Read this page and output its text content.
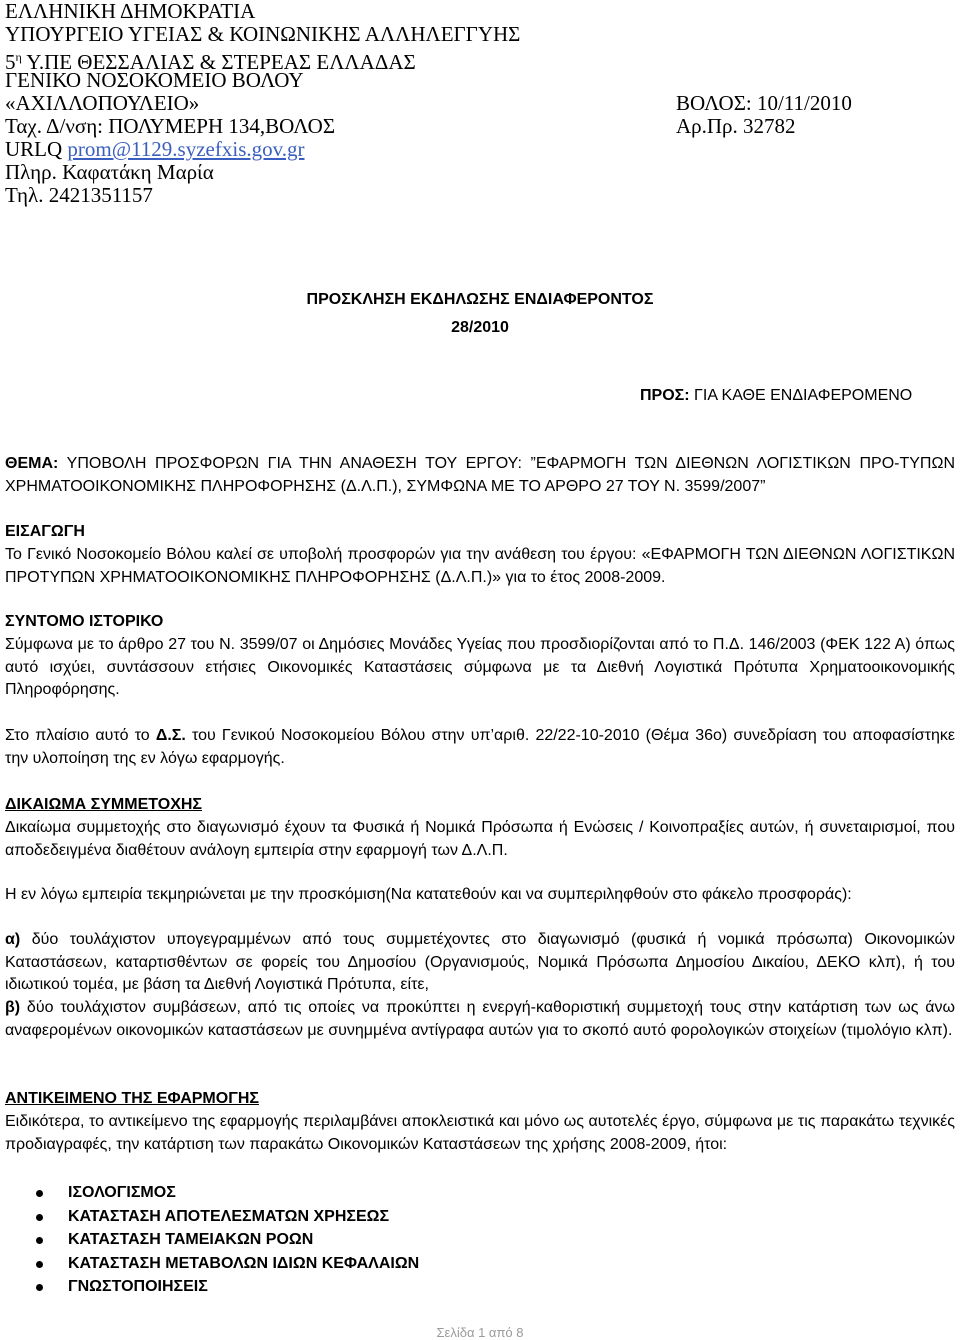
ΕΛΛΗΝΙΚΗ ΔΗΜΟΚΡΑΤΙΑ
ΥΠΟΥΡΓΕΙΟ ΥΓΕΙΑΣ & ΚΟΙΝΩΝΙΚΗΣ ΑΛΛΗΛΕΓΓΥΗΣ
$5^\eta$ Υ.ΠΕ ΘΕΣΣΑΛΙΑΣ & ΣΤΕΡΕΑΣ ΕΛΛΑΔΑΣ
ΓΕΝΙΚΟ ΝΟΣΟΚΟΜΕΙΟ ΒΟΛΟΥ
«ΑΧΙΛΛΟΠΟΥΛΕΙΟ»
Ταχ. Δ/νση: ΠΟΛΥΜΕΡΗ 134,ΒΟΛΟΣ
URLQ prom@1129.syzefxis.gov.gr
Πληρ. Καφατάκη Μαρία
Τηλ. 2421351157
ΒΟΛΟΣ: 10/11/2010
Αρ.Πρ. 32782
ΠΡΟΣΚΛΗΣΗ ΕΚΔΗΛΩΣΗΣ ΕΝΔΙΑΦΕΡΟΝΤΟΣ
28/2010
ΠΡΟΣ: ΓΙΑ ΚΑΘΕ ΕΝΔΙΑΦΕΡΟΜΕΝΟ
ΘΕΜΑ: ΥΠΟΒΟΛΗ ΠΡΟΣΦΟΡΩΝ ΓΙΑ ΤΗΝ ΑΝΑΘΕΣΗ ΤΟΥ ΕΡΓΟΥ: ”ΕΦΑΡΜΟΓΗ ΤΩΝ ΔΙΕΘΝΩΝ ΛΟΓΙΣΤΙΚΩΝ ΠΡΟ-ΤΥΠΩΝ ΧΡΗΜΑΤΟΟΙΚΟΝΟΜΙΚΗΣ ΠΛΗΡΟΦΟΡΗΣΗΣ (Δ.Λ.Π.), ΣΥΜΦΩΝΑ ΜΕ ΤΟ ΑΡΘΡΟ 27 ΤΟΥ Ν. 3599/2007”
ΕΙΣΑΓΩΓΗ
Το Γενικό Νοσοκομείο Βόλου καλεί σε υποβολή προσφορών για την ανάθεση του έργου: «ΕΦΑΡΜΟΓΗ ΤΩΝ ΔΙΕΘΝΩΝ ΛΟΓΙΣΤΙΚΩΝ ΠΡΟΤΥΠΩΝ ΧΡΗΜΑΤΟΟΙΚΟΝΟΜΙΚΗΣ ΠΛΗΡΟΦΟΡΗΣΗΣ (Δ.Λ.Π.)» για το έτος 2008-2009.
ΣΥΝΤΟΜΟ ΙΣΤΟΡΙΚΟ
Σύμφωνα με το άρθρο 27 του Ν. 3599/07 οι Δημόσιες Μονάδες Υγείας που προσδιορίζονται από το Π.Δ. 146/2003 (ΦΕΚ 122 Α) όπως αυτό ισχύει, συντάσσουν ετήσιες Οικονομικές Καταστάσεις σύμφωνα με τα Διεθνή Λογιστικά Πρότυπα Χρηματοοικονομικής Πληροφόρησης.
Στο πλαίσιο αυτό το Δ.Σ. του Γενικού Νοσοκομείου Βόλου στην υπ’αριθ. 22/22-10-2010 (Θέμα 36ο) συνεδρίαση του αποφασίστηκε την υλοποίηση της εν λόγω εφαρμογής.
ΔΙΚΑΙΩΜΑ ΣΥΜΜΕΤΟΧΗΣ
Δικαίωμα συμμετοχής στο διαγωνισμό έχουν τα Φυσικά ή Νομικά Πρόσωπα ή Ενώσεις / Κοινοπραξίες αυτών, ή συνεταιρισμοί, που αποδεδειγμένα διαθέτουν ανάλογη εμπειρία στην εφαρμογή των Δ.Λ.Π.
Η εν λόγω εμπειρία τεκμηριώνεται με την προσκόμιση(Να κατατεθούν και να συμπεριληφθούν στο φάκελο προσφοράς):
α) δύο τουλάχιστον υπογεγραμμένων από τους συμμετέχοντες στο διαγωνισμό (φυσικά ή νομικά πρόσωπα) Οικονομικών Καταστάσεων, καταρτισθέντων σε φορείς του Δημοσίου (Οργανισμούς, Νομικά Πρόσωπα Δημοσίου Δικαίου, ΔΕΚΟ κλπ), ή του ιδιωτικού τομέα, με βάση τα Διεθνή Λογιστικά Πρότυπα, είτε,
β) δύο τουλάχιστον συμβάσεων, από τις οποίες να προκύπτει η ενεργή-καθοριστική συμμετοχή τους στην κατάρτιση των ως άνω αναφερομένων οικονομικών καταστάσεων με συνημμένα αντίγραφα αυτών για το σκοπό αυτό φορολογικών στοιχείων (τιμολόγιο κλπ).
ΑΝΤΙΚΕΙΜΕΝΟ ΤΗΣ ΕΦΑΡΜΟΓΗΣ
Ειδικότερα, το αντικείμενο της εφαρμογής περιλαμβάνει αποκλειστικά και μόνο ως αυτοτελές έργο, σύμφωνα με τις παρακάτω τεχνικές προδιαγραφές, την κατάρτιση των παρακάτω Οικονομικών Καταστάσεων της χρήσης 2008-2009, ήτοι:
ΙΣΟΛΟΓΙΣΜΟΣ
ΚΑΤΑΣΤΑΣΗ ΑΠΟΤΕΛΕΣΜΑΤΩΝ ΧΡΗΣΕΩΣ
ΚΑΤΑΣΤΑΣΗ ΤΑΜΕΙΑΚΩΝ ΡΟΩΝ
ΚΑΤΑΣΤΑΣΗ ΜΕΤΑΒΟΛΩΝ ΙΔΙΩΝ ΚΕΦΑΛΑΙΩΝ
ΓΝΩΣΤΟΠΟΙΗΣΕΙΣ
Σελίδα 1 από 8
